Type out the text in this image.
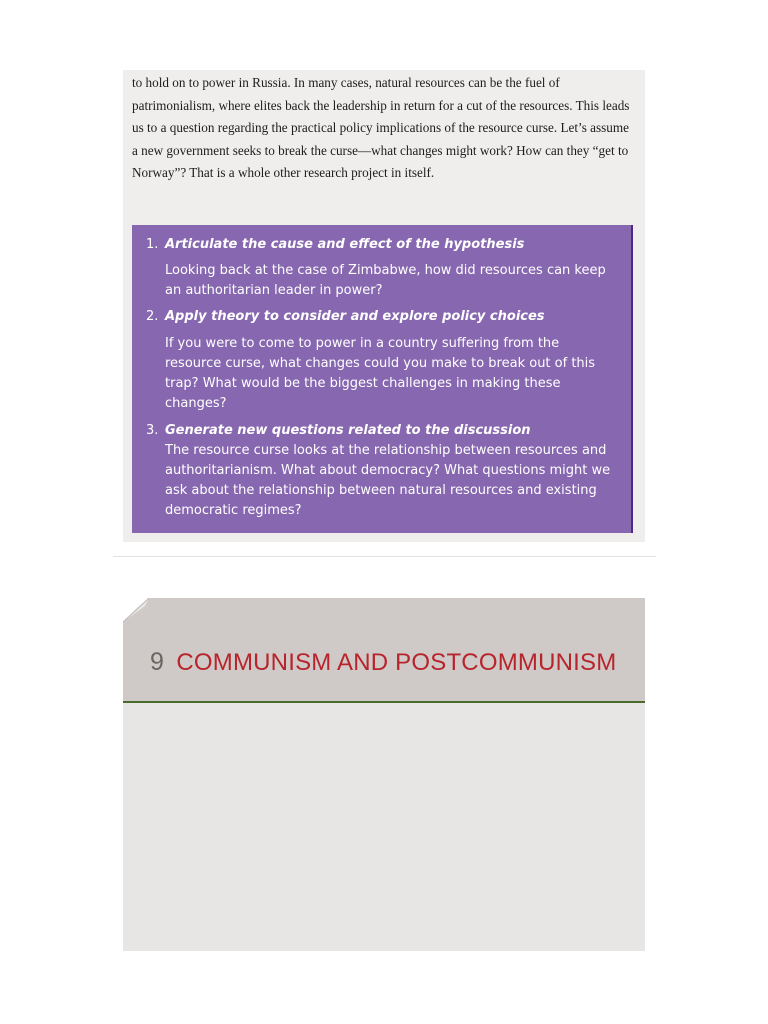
to hold on to power in Russia. In many cases, natural resources can be the fuel of patrimonialism, where elites back the leadership in return for a cut of the resources. This leads us to a question regarding the practical policy implications of the resource curse. Let’s assume a new government seeks to break the curse—what changes might work? How can they “get to Norway”? That is a whole other research project in itself.

1. Articulate the cause and effect of the hypothesis
Looking back at the case of Zimbabwe, how did resources can keep an authoritarian leader in power?
2. Apply theory to consider and explore policy choices
If you were to come to power in a country suffering from the resource curse, what changes could you make to break out of this trap? What would be the biggest challenges in making these changes?
3. Generate new questions related to the discussion
The resource curse looks at the relationship between resources and authoritarianism. What about democracy? What questions might we ask about the relationship between natural resources and existing democratic regimes?
9 COMMUNISM AND POSTCOMMUNISM
